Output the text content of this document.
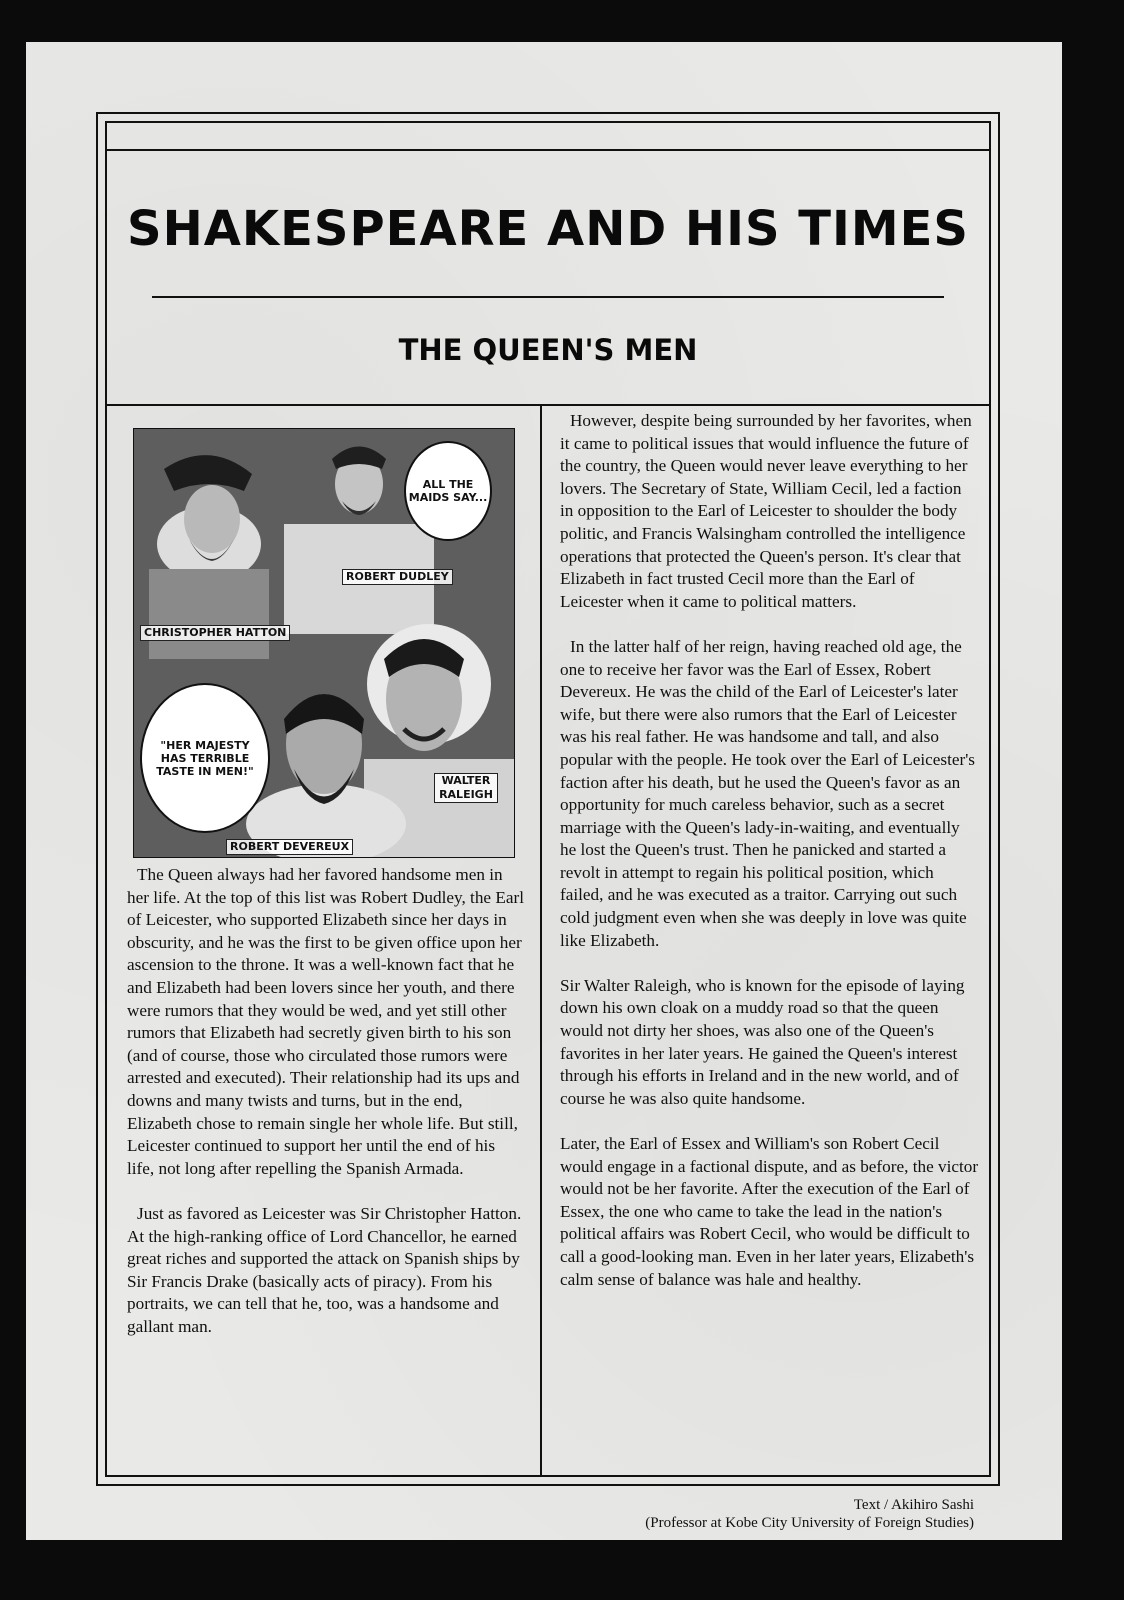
SHAKESPEARE AND HIS TIMES
THE QUEEN'S MEN
ALL THE MAIDS SAY...
"HER MAJESTY HAS TERRIBLE TASTE IN MEN!"
ROBERT DUDLEY
CHRISTOPHER HATTON
WALTER RALEIGH
ROBERT DEVEREUX

The Queen always had her favored handsome men in her life. At the top of this list was Robert Dudley, the Earl of Leicester, who supported Elizabeth since her days in obscurity, and he was the first to be given office upon her ascension to the throne. It was a well-known fact that he and Elizabeth had been lovers since her youth, and there were rumors that they would be wed, and yet still other rumors that Elizabeth had secretly given birth to his son (and of course, those who circulated those rumors were arrested and executed). Their relationship had its ups and downs and many twists and turns, but in the end, Elizabeth chose to remain single her whole life. But still, Leicester continued to support her until the end of his life, not long after repelling the Spanish Armada.

Just as favored as Leicester was Sir Christopher Hatton. At the high-ranking office of Lord Chancellor, he earned great riches and supported the attack on Spanish ships by Sir Francis Drake (basically acts of piracy). From his portraits, we can tell that he, too, was a handsome and gallant man.

However, despite being surrounded by her favorites, when it came to political issues that would influence the future of the country, the Queen would never leave everything to her lovers. The Secretary of State, William Cecil, led a faction in opposition to the Earl of Leicester to shoulder the body politic, and Francis Walsingham controlled the intelligence operations that protected the Queen's person. It's clear that Elizabeth in fact trusted Cecil more than the Earl of Leicester when it came to political matters.

In the latter half of her reign, having reached old age, the one to receive her favor was the Earl of Essex, Robert Devereux. He was the child of the Earl of Leicester's later wife, but there were also rumors that the Earl of Leicester was his real father. He was handsome and tall, and also popular with the people. He took over the Earl of Leicester's faction after his death, but he used the Queen's favor as an opportunity for much careless behavior, such as a secret marriage with the Queen's lady-in-waiting, and eventually he lost the Queen's trust. Then he panicked and started a revolt in attempt to regain his political position, which failed, and he was executed as a traitor. Carrying out such cold judgment even when she was deeply in love was quite like Elizabeth.

Sir Walter Raleigh, who is known for the episode of laying down his own cloak on a muddy road so that the queen would not dirty her shoes, was also one of the Queen's favorites in her later years. He gained the Queen's interest through his efforts in Ireland and in the new world, and of course he was also quite handsome.

Later, the Earl of Essex and William's son Robert Cecil would engage in a factional dispute, and as before, the victor would not be her favorite. After the execution of the Earl of Essex, the one who came to take the lead in the nation's political affairs was Robert Cecil, who would be difficult to call a good-looking man. Even in her later years, Elizabeth's calm sense of balance was hale and healthy.

Text / Akihiro Sashi
(Professor at Kobe City University of Foreign Studies)
